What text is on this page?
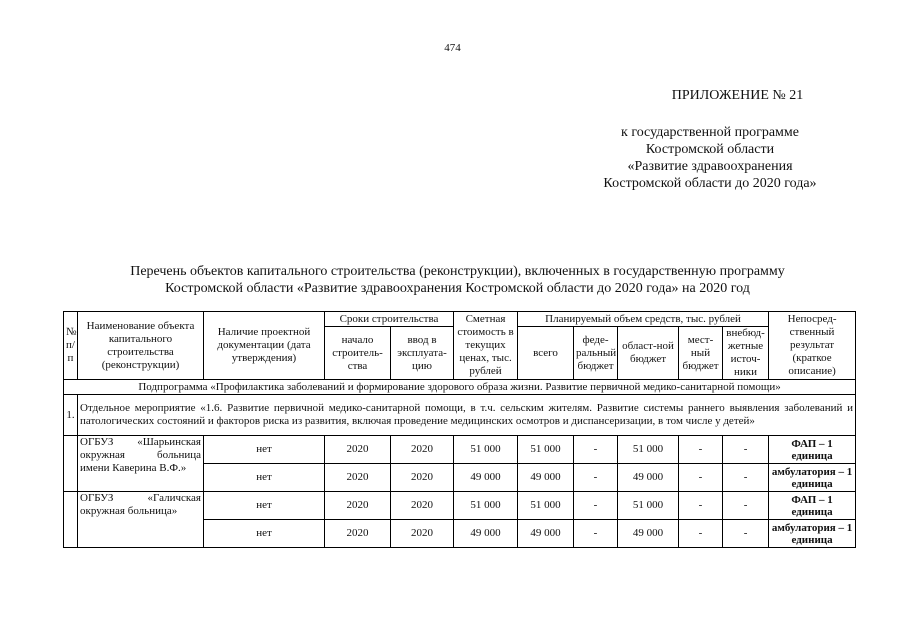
474
ПРИЛОЖЕНИЕ № 21
к государственной программе
Костромской области
«Развитие здравоохранения
Костромской области до 2020 года»
Перечень объектов капитального строительства (реконструкции), включенных в государственную программу
Костромской области «Развитие здравоохранения Костромской области до 2020 года» на 2020 год
№ п/п	Наименование объекта капитального строительства (реконструкции)	Наличие проектной документации (дата утверждения)	Сроки строительства		Сметная стоимость в текущих ценах, тыс. рублей	Планируемый объем средств, тыс. рублей					Непосред-ственный результат (краткое описание)
			начало строитель-ства	ввод в эксплуата-цию		всего	феде-ральный бюджет	област-ной бюджет	мест-ный бюджет	внебюд-жетные источ-ники	
Подпрограмма «Профилактика заболеваний и формирование здорового образа жизни. Развитие первичной медико-санитарной помощи»											
1.	Отдельное мероприятие «1.6. Развитие первичной медико-санитарной помощи, в т.ч. сельским жителям. Развитие системы раннего выявления заболеваний и патологических состояний и факторов риска из развития, включая проведение медицинских осмотров и диспансеризации, в том числе у детей»										
	ОГБУЗ «Шарьинская окружная больница имени Каверина В.Ф.»	нет	2020	2020	51 000	51 000	-	51 000	-	-	ФАП – 1 единица
		нет	2020	2020	49 000	49 000	-	49 000	-	-	амбулатория – 1 единица
	ОГБУЗ «Галичская окружная больница»	нет	2020	2020	51 000	51 000	-	51 000	-	-	ФАП – 1 единица
		нет	2020	2020	49 000	49 000	-	49 000	-	-	амбулатория – 1 единица
